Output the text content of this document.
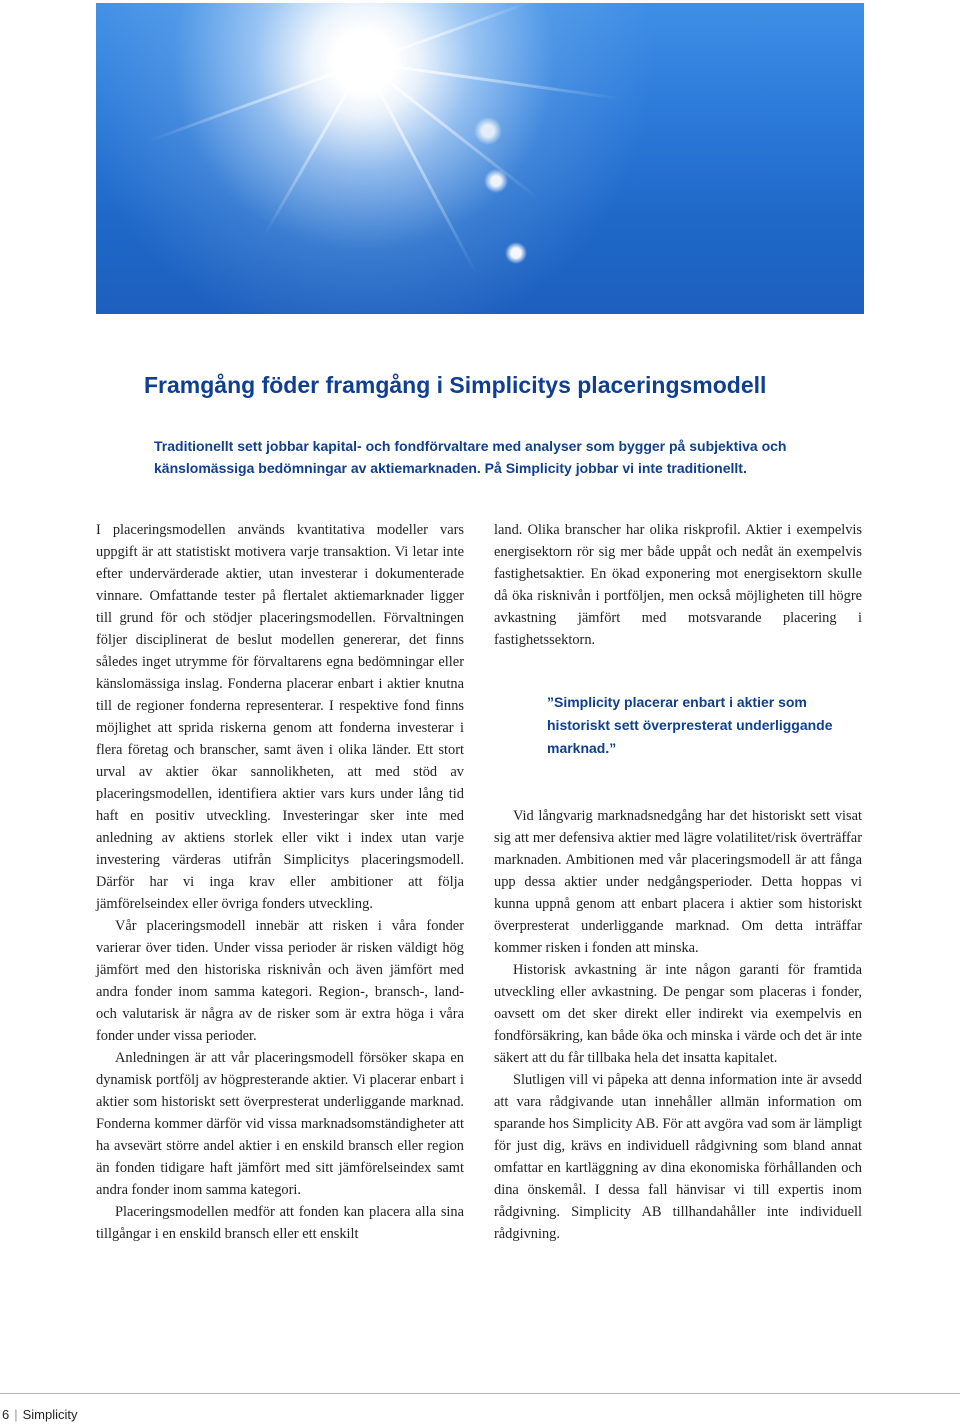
Framgång föder framgång i Simplicitys placeringsmodell

Traditionellt sett jobbar kapital- och fondförvaltare med analyser som bygger på subjektiva och känslomässiga bedömningar av aktiemarknaden. På Simplicity jobbar vi inte traditionellt.

I placeringsmodellen används kvantitativa modeller vars uppgift är att statistiskt motivera varje transaktion. Vi letar inte efter undervärderade aktier, utan investerar i dokumenterade vinnare. Omfattande tester på flertalet aktiemarknader ligger till grund för och stödjer placeringsmodellen. Förvaltningen följer disciplinerat de beslut modellen genererar, det finns således inget utrymme för förvaltarens egna bedömningar eller känslomässiga inslag. Fonderna placerar enbart i aktier knutna till de regioner fonderna representerar. I respektive fond finns möjlighet att sprida riskerna genom att fonderna investerar i flera företag och branscher, samt även i olika länder. Ett stort urval av aktier ökar sannolikheten, att med stöd av placeringsmodellen, identifiera aktier vars kurs under lång tid haft en positiv utveckling. Investeringar sker inte med anledning av aktiens storlek eller vikt i index utan varje investering värderas utifrån Simplicitys placeringsmodell. Därför har vi inga krav eller ambitioner att följa jämförelseindex eller övriga fonders utveckling.

Vår placeringsmodell innebär att risken i våra fonder varierar över tiden. Under vissa perioder är risken väldigt hög jämfört med den historiska risknivån och även jämfört med andra fonder inom samma kategori. Region-, bransch-, land- och valutarisk är några av de risker som är extra höga i våra fonder under vissa perioder.

Anledningen är att vår placeringsmodell försöker skapa en dynamisk portfölj av högpresterande aktier. Vi placerar enbart i aktier som historiskt sett överpresterat underliggande marknad. Fonderna kommer därför vid vissa marknadsomständigheter att ha avsevärt större andel aktier i en enskild bransch eller region än fonden tidigare haft jämfört med sitt jämförelseindex samt andra fonder inom samma kategori.

Placeringsmodellen medför att fonden kan placera alla sina tillgångar i en enskild bransch eller ett enskilt

land. Olika branscher har olika riskprofil. Aktier i exempelvis energisektorn rör sig mer både uppåt och nedåt än exempelvis fastighetsaktier. En ökad exponering mot energisektorn skulle då öka risknivån i portföljen, men också möjligheten till högre avkastning jämfört med motsvarande placering i fastighetssektorn.

”Simplicity placerar enbart i aktier som historiskt sett överpresterat underliggande marknad.”

Vid långvarig marknadsnedgång har det historiskt sett visat sig att mer defensiva aktier med lägre volatilitet/risk överträffar marknaden. Ambitionen med vår placeringsmodell är att fånga upp dessa aktier under nedgångsperioder. Detta hoppas vi kunna uppnå genom att enbart placera i aktier som historiskt överpresterat underliggande marknad. Om detta inträffar kommer risken i fonden att minska.

Historisk avkastning är inte någon garanti för framtida utveckling eller avkastning. De pengar som placeras i fonder, oavsett om det sker direkt eller indirekt via exempelvis en fondförsäkring, kan både öka och minska i värde och det är inte säkert att du får tillbaka hela det insatta kapitalet.

Slutligen vill vi påpeka att denna information inte är avsedd att vara rådgivande utan innehåller allmän information om sparande hos Simplicity AB. För att avgöra vad som är lämpligt för just dig, krävs en individuell rådgivning som bland annat omfattar en kartläggning av dina ekonomiska förhållanden och dina önskemål. I dessa fall hänvisar vi till expertis inom rådgivning. Simplicity AB tillhandahåller inte individuell rådgivning.

6 | Simplicity
